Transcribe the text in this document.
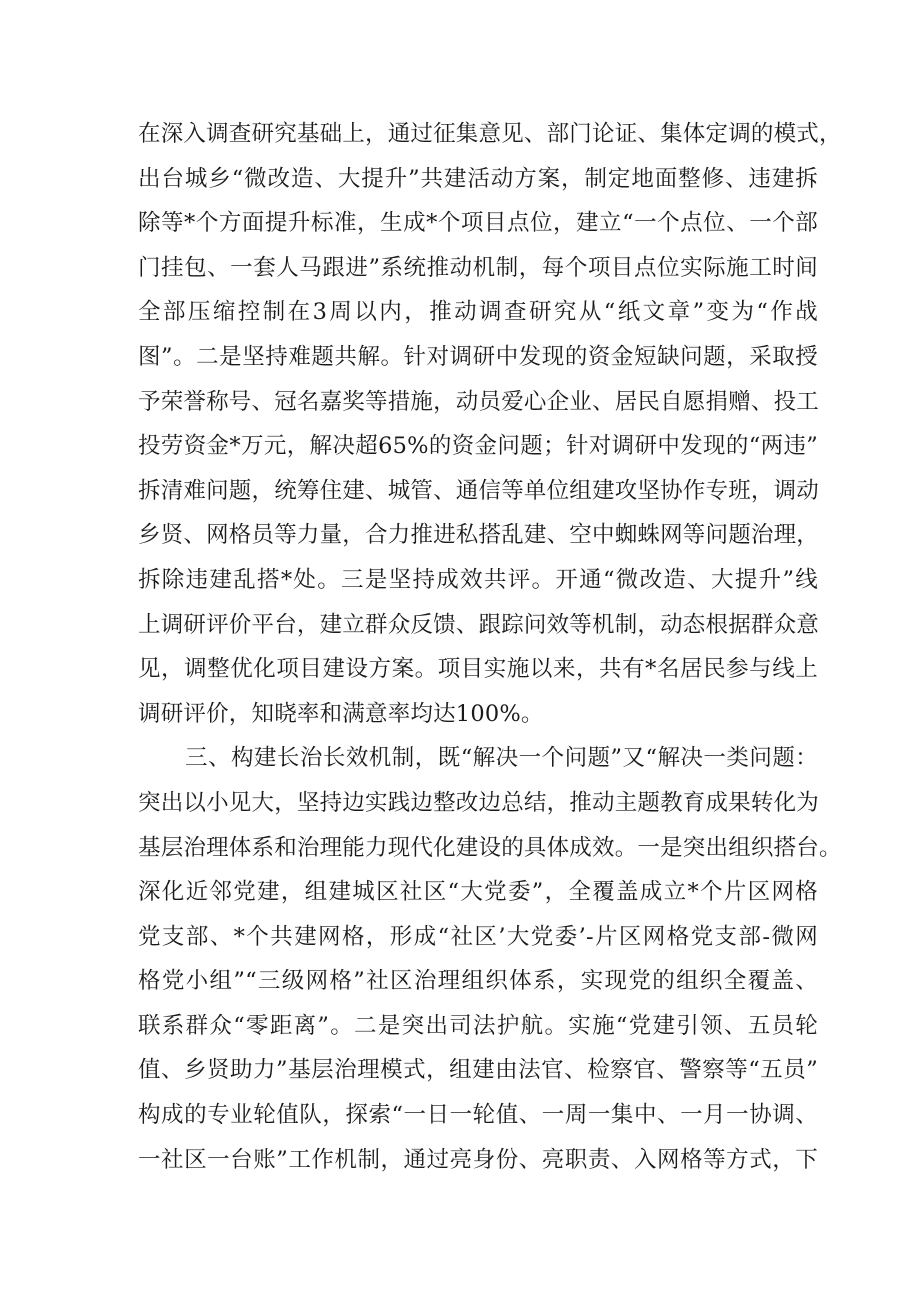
在深入调查研究基础上，通过征集意见、部门论证、集体定调的模式，
出台城乡“微改造、大提升”共建活动方案，制定地面整修、违建拆
除等*个方面提升标准，生成*个项目点位，建立“一个点位、一个部
门挂包、一套人马跟进”系统推动机制，每个项目点位实际施工时间
全部压缩控制在3周以内，推动调查研究从“纸文章”变为“作战
图”。二是坚持难题共解。针对调研中发现的资金短缺问题，采取授
予荣誉称号、冠名嘉奖等措施，动员爱心企业、居民自愿捐赠、投工
投劳资金*万元，解决超65%的资金问题；针对调研中发现的“两违”
拆清难问题，统筹住建、城管、通信等单位组建攻坚协作专班，调动
乡贤、网格员等力量，合力推进私搭乱建、空中蜘蛛网等问题治理，
拆除违建乱搭*处。三是坚持成效共评。开通“微改造、大提升”线
上调研评价平台，建立群众反馈、跟踪问效等机制，动态根据群众意
见，调整优化项目建设方案。项目实施以来，共有*名居民参与线上
调研评价，知晓率和满意率均达100%。
三、构建长治长效机制，既“解决一个问题”又“解决一类问题：
突出以小见大，坚持边实践边整改边总结，推动主题教育成果转化为
基层治理体系和治理能力现代化建设的具体成效。一是突出组织搭台。
深化近邻党建，组建城区社区“大党委”，全覆盖成立*个片区网格
党支部、*个共建网格，形成“社区’大党委’-片区网格党支部-微网
格党小组”“三级网格”社区治理组织体系，实现党的组织全覆盖、
联系群众“零距离”。二是突出司法护航。实施“党建引领、五员轮
值、乡贤助力”基层治理模式，组建由法官、检察官、警察等“五员”
构成的专业轮值队，探索“一日一轮值、一周一集中、一月一协调、
一社区一台账”工作机制，通过亮身份、亮职责、入网格等方式，下
